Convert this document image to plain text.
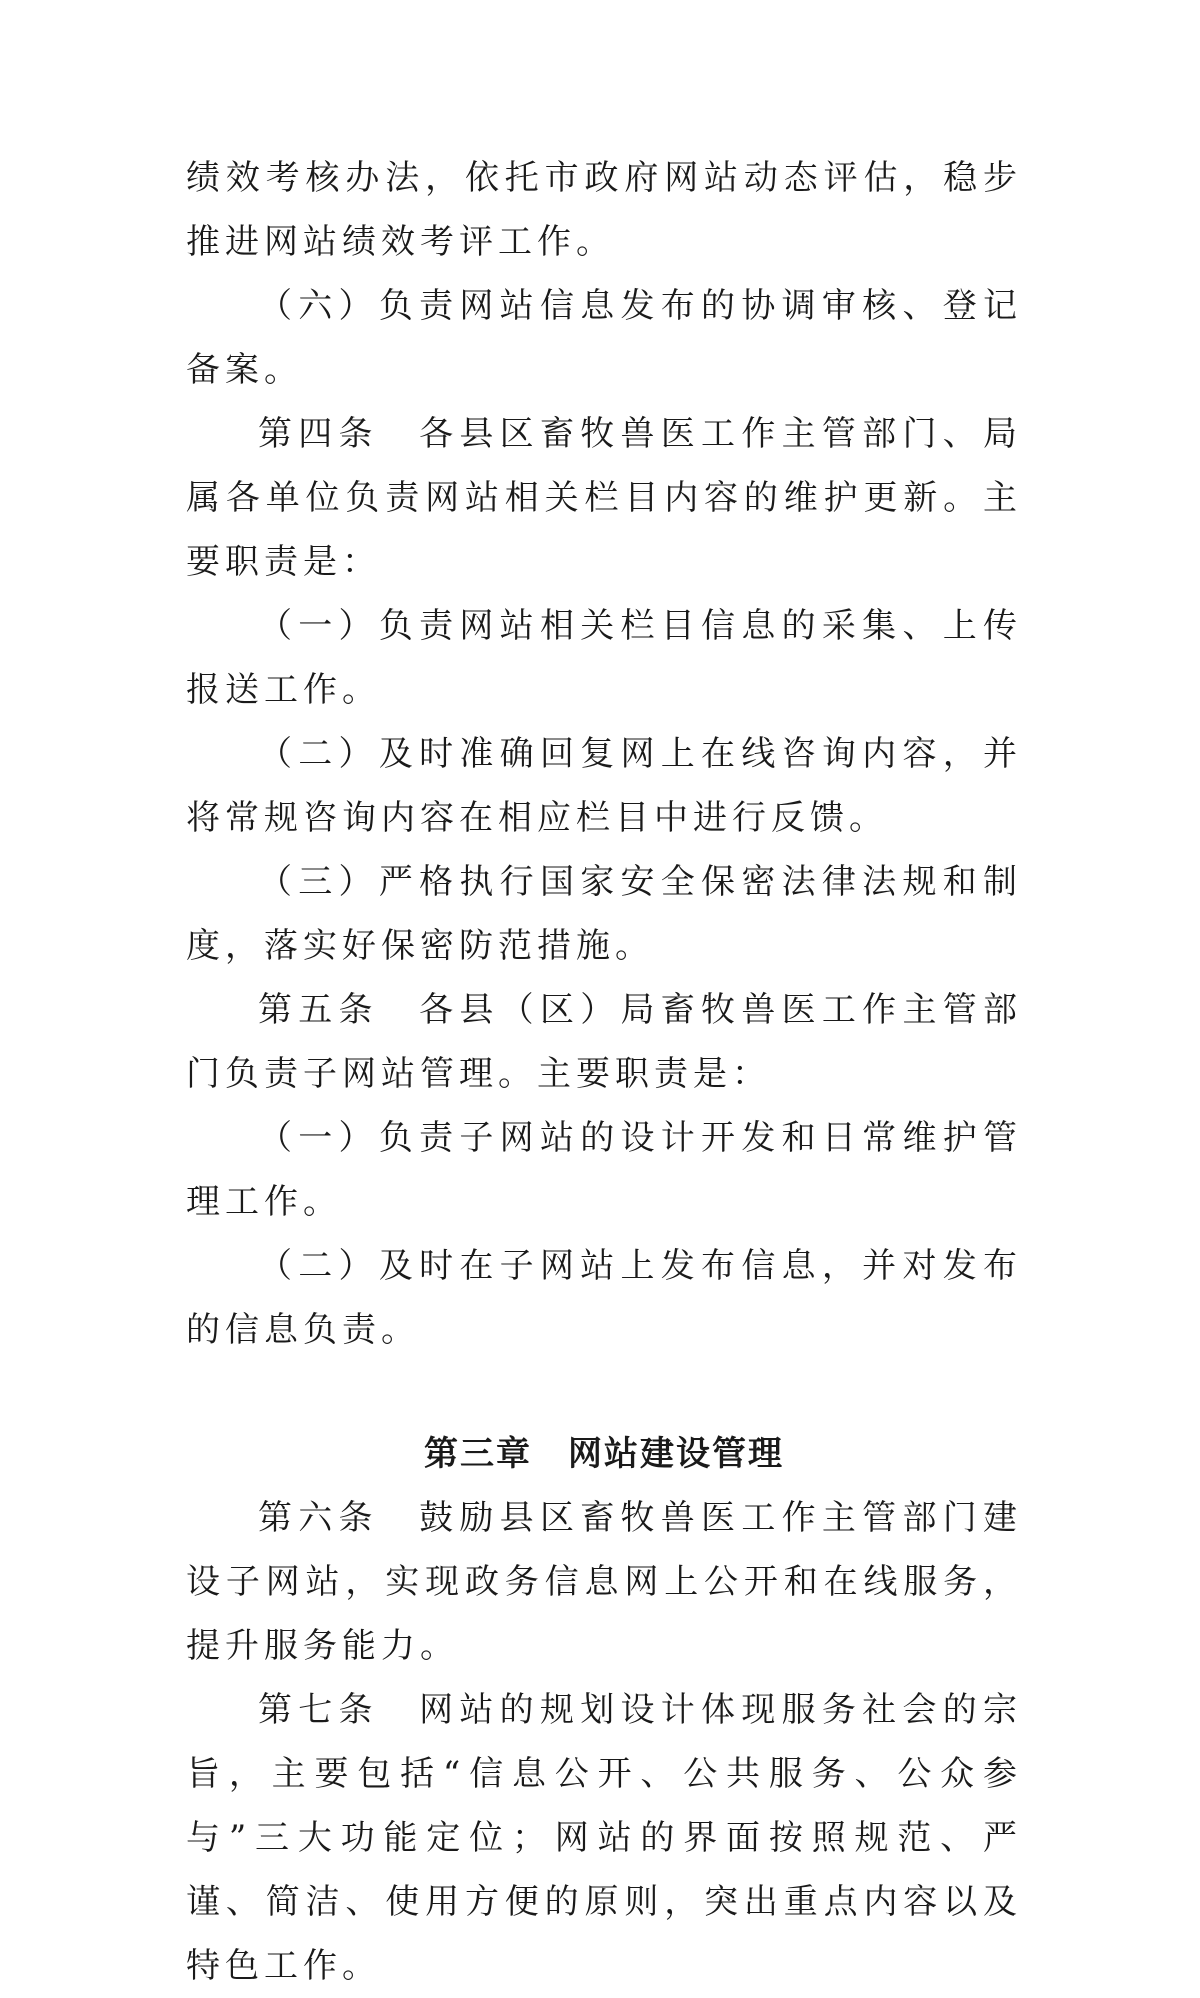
绩效考核办法，依托市政府网站动态评估，稳步推进网站绩效考评工作。

（六）负责网站信息发布的协调审核、登记备案。

第四条　各县区畜牧兽医工作主管部门、局属各单位负责网站相关栏目内容的维护更新。主要职责是：

（一）负责网站相关栏目信息的采集、上传报送工作。

（二）及时准确回复网上在线咨询内容，并将常规咨询内容在相应栏目中进行反馈。

（三）严格执行国家安全保密法律法规和制度，落实好保密防范措施。

第五条　各县（区）局畜牧兽医工作主管部门负责子网站管理。主要职责是：

（一）负责子网站的设计开发和日常维护管理工作。

（二）及时在子网站上发布信息，并对发布的信息负责。

第三章　网站建设管理

第六条　鼓励县区畜牧兽医工作主管部门建设子网站，实现政务信息网上公开和在线服务，提升服务能力。

第七条　网站的规划设计体现服务社会的宗旨，主要包括“信息公开、公共服务、公众参与”三大功能定位；网站的界面按照规范、严谨、简洁、使用方便的原则，突出重点内容以及特色工作。
